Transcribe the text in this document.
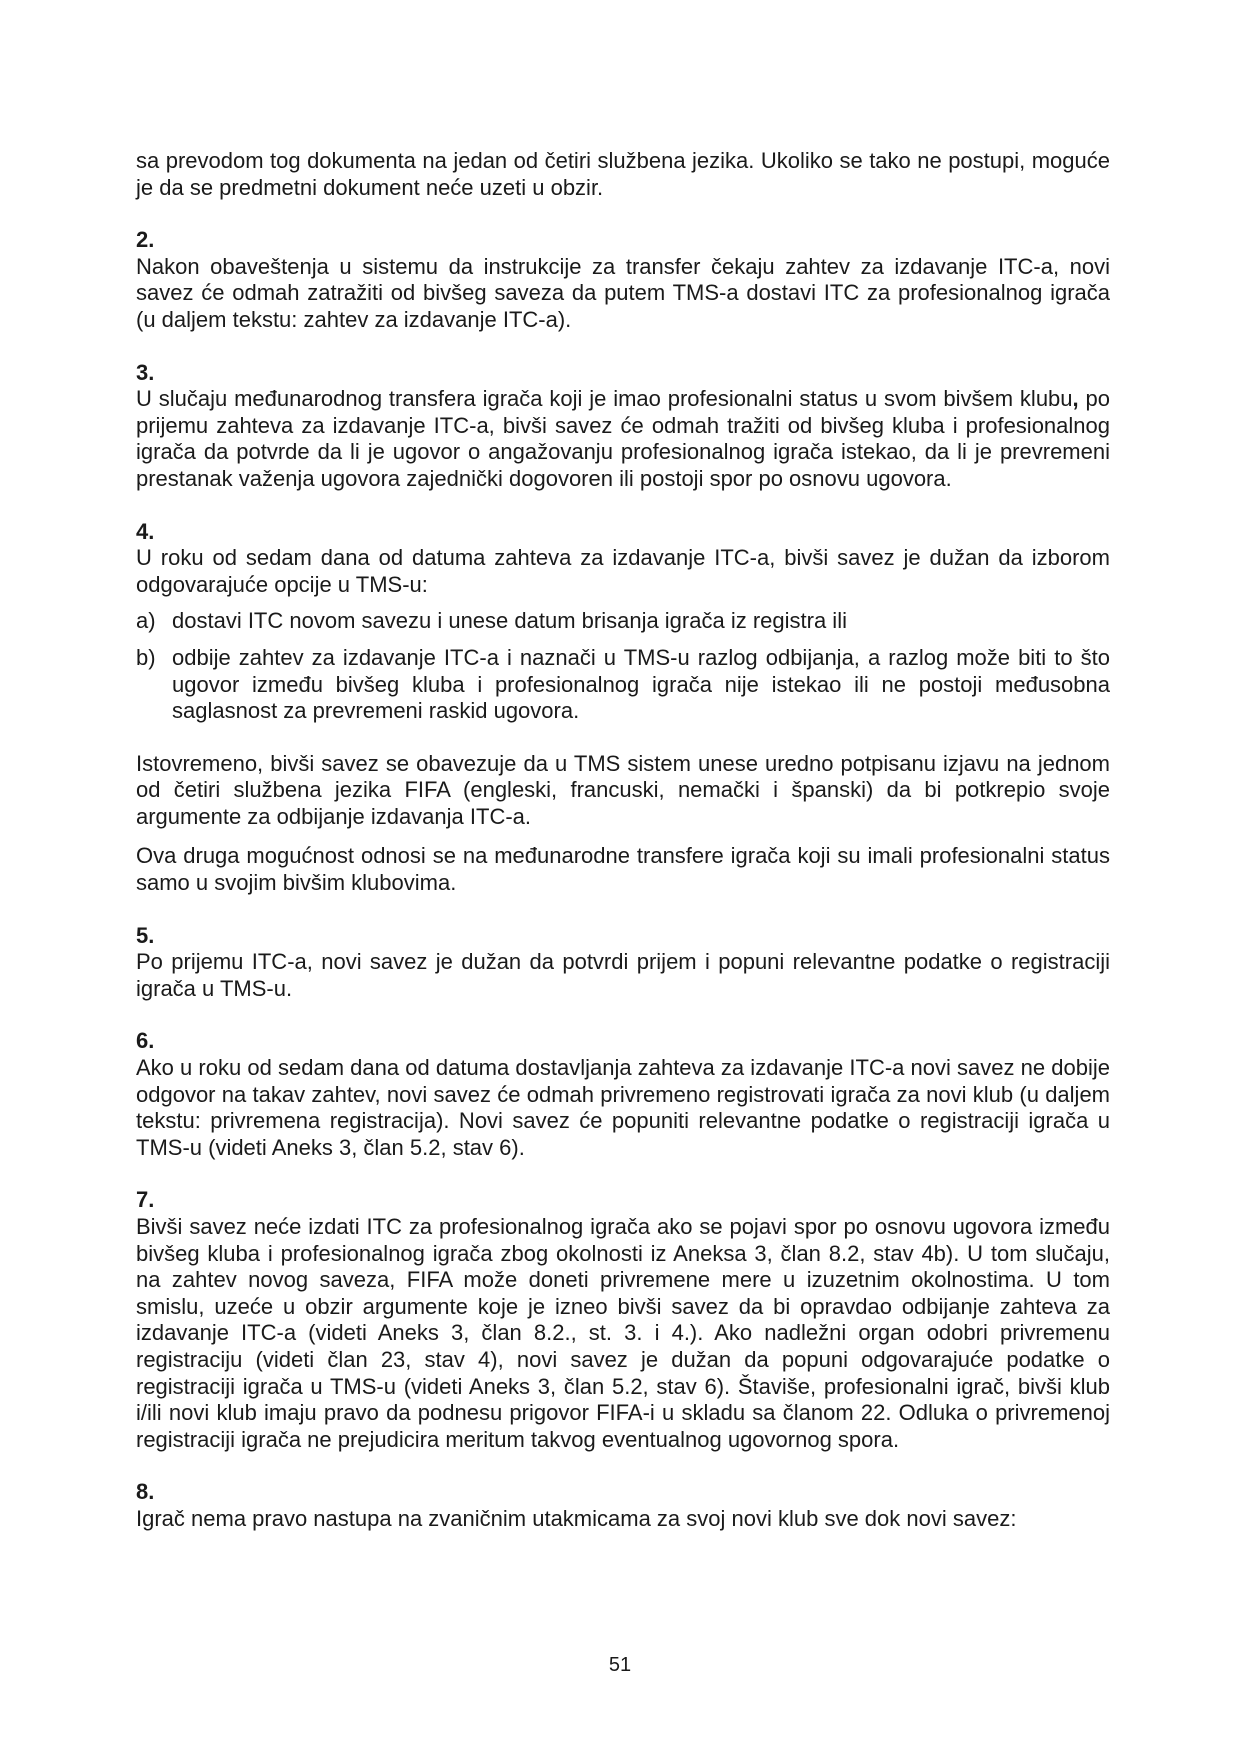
sa prevodom tog dokumenta na jedan od četiri službena jezika. Ukoliko se tako ne postupi, moguće je da se predmetni dokument neće uzeti u obzir.

2.

Nakon obaveštenja u sistemu da instrukcije za transfer čekaju zahtev za izdavanje ITC-a, novi savez će odmah zatražiti od bivšeg saveza da putem TMS-a dostavi ITC za profesionalnog igrača (u daljem tekstu: zahtev za izdavanje ITC-a).

3.

U slučaju međunarodnog transfera igrača koji je imao profesionalni status u svom bivšem klubu, po prijemu zahteva za izdavanje ITC-a, bivši savez će odmah tražiti od bivšeg kluba i profesionalnog igrača da potvrde da li je ugovor o angažovanju profesionalnog igrača istekao, da li je prevremeni prestanak važenja ugovora zajednički dogovoren ili postoji spor po osnovu ugovora.

4.

U roku od sedam dana od datuma zahteva za izdavanje ITC-a, bivši savez je dužan da izborom odgovarajuće opcije u TMS-u:

a) dostavi ITC novom savezu i unese datum brisanja igrača iz registra ili
b) odbije zahtev za izdavanje ITC-a i naznači u TMS-u razlog odbijanja, a razlog može biti to što ugovor između bivšeg kluba i profesionalnog igrača nije istekao ili ne postoji međusobna saglasnost za prevremeni raskid ugovora.

Istovremeno, bivši savez se obavezuje da u TMS sistem unese uredno potpisanu izjavu na jednom od četiri službena jezika FIFA (engleski, francuski, nemački i španski) da bi potkrepio svoje argumente za odbijanje izdavanja ITC-a.

Ova druga mogućnost odnosi se na međunarodne transfere igrača koji su imali profesionalni status samo u svojim bivšim klubovima.

5.

Po prijemu ITC-a, novi savez je dužan da potvrdi prijem i popuni relevantne podatke o registraciji igrača u TMS-u.

6.

Ako u roku od sedam dana od datuma dostavljanja zahteva za izdavanje ITC-a novi savez ne dobije odgovor na takav zahtev, novi savez će odmah privremeno registrovati igrača za novi klub (u daljem tekstu: privremena registracija). Novi savez će popuniti relevantne podatke o registraciji igrača u TMS-u (videti Aneks 3, član 5.2, stav 6).

7.

Bivši savez neće izdati ITC za profesionalnog igrača ako se pojavi spor po osnovu ugovora između bivšeg kluba i profesionalnog igrača zbog okolnosti iz Aneksa 3, član 8.2, stav 4b). U tom slučaju, na zahtev novog saveza, FIFA može doneti privremene mere u izuzetnim okolnostima. U tom smislu, uzeće u obzir argumente koje je izneo bivši savez da bi opravdao odbijanje zahteva za izdavanje ITC-a (videti Aneks 3, član 8.2., st. 3. i 4.). Ako nadležni organ odobri privremenu registraciju (videti član 23, stav 4), novi savez je dužan da popuni odgovarajuće podatke o registraciji igrača u TMS-u (videti Aneks 3, član 5.2, stav 6). Štaviše, profesionalni igrač, bivši klub i/ili novi klub imaju pravo da podnesu prigovor FIFA-i u skladu sa članom 22. Odluka o privremenoj registraciji igrača ne prejudicira meritum takvog eventualnog ugovornog spora.

8.

Igrač nema pravo nastupa na zvaničnim utakmicama za svoj novi klub sve dok novi savez:

51
